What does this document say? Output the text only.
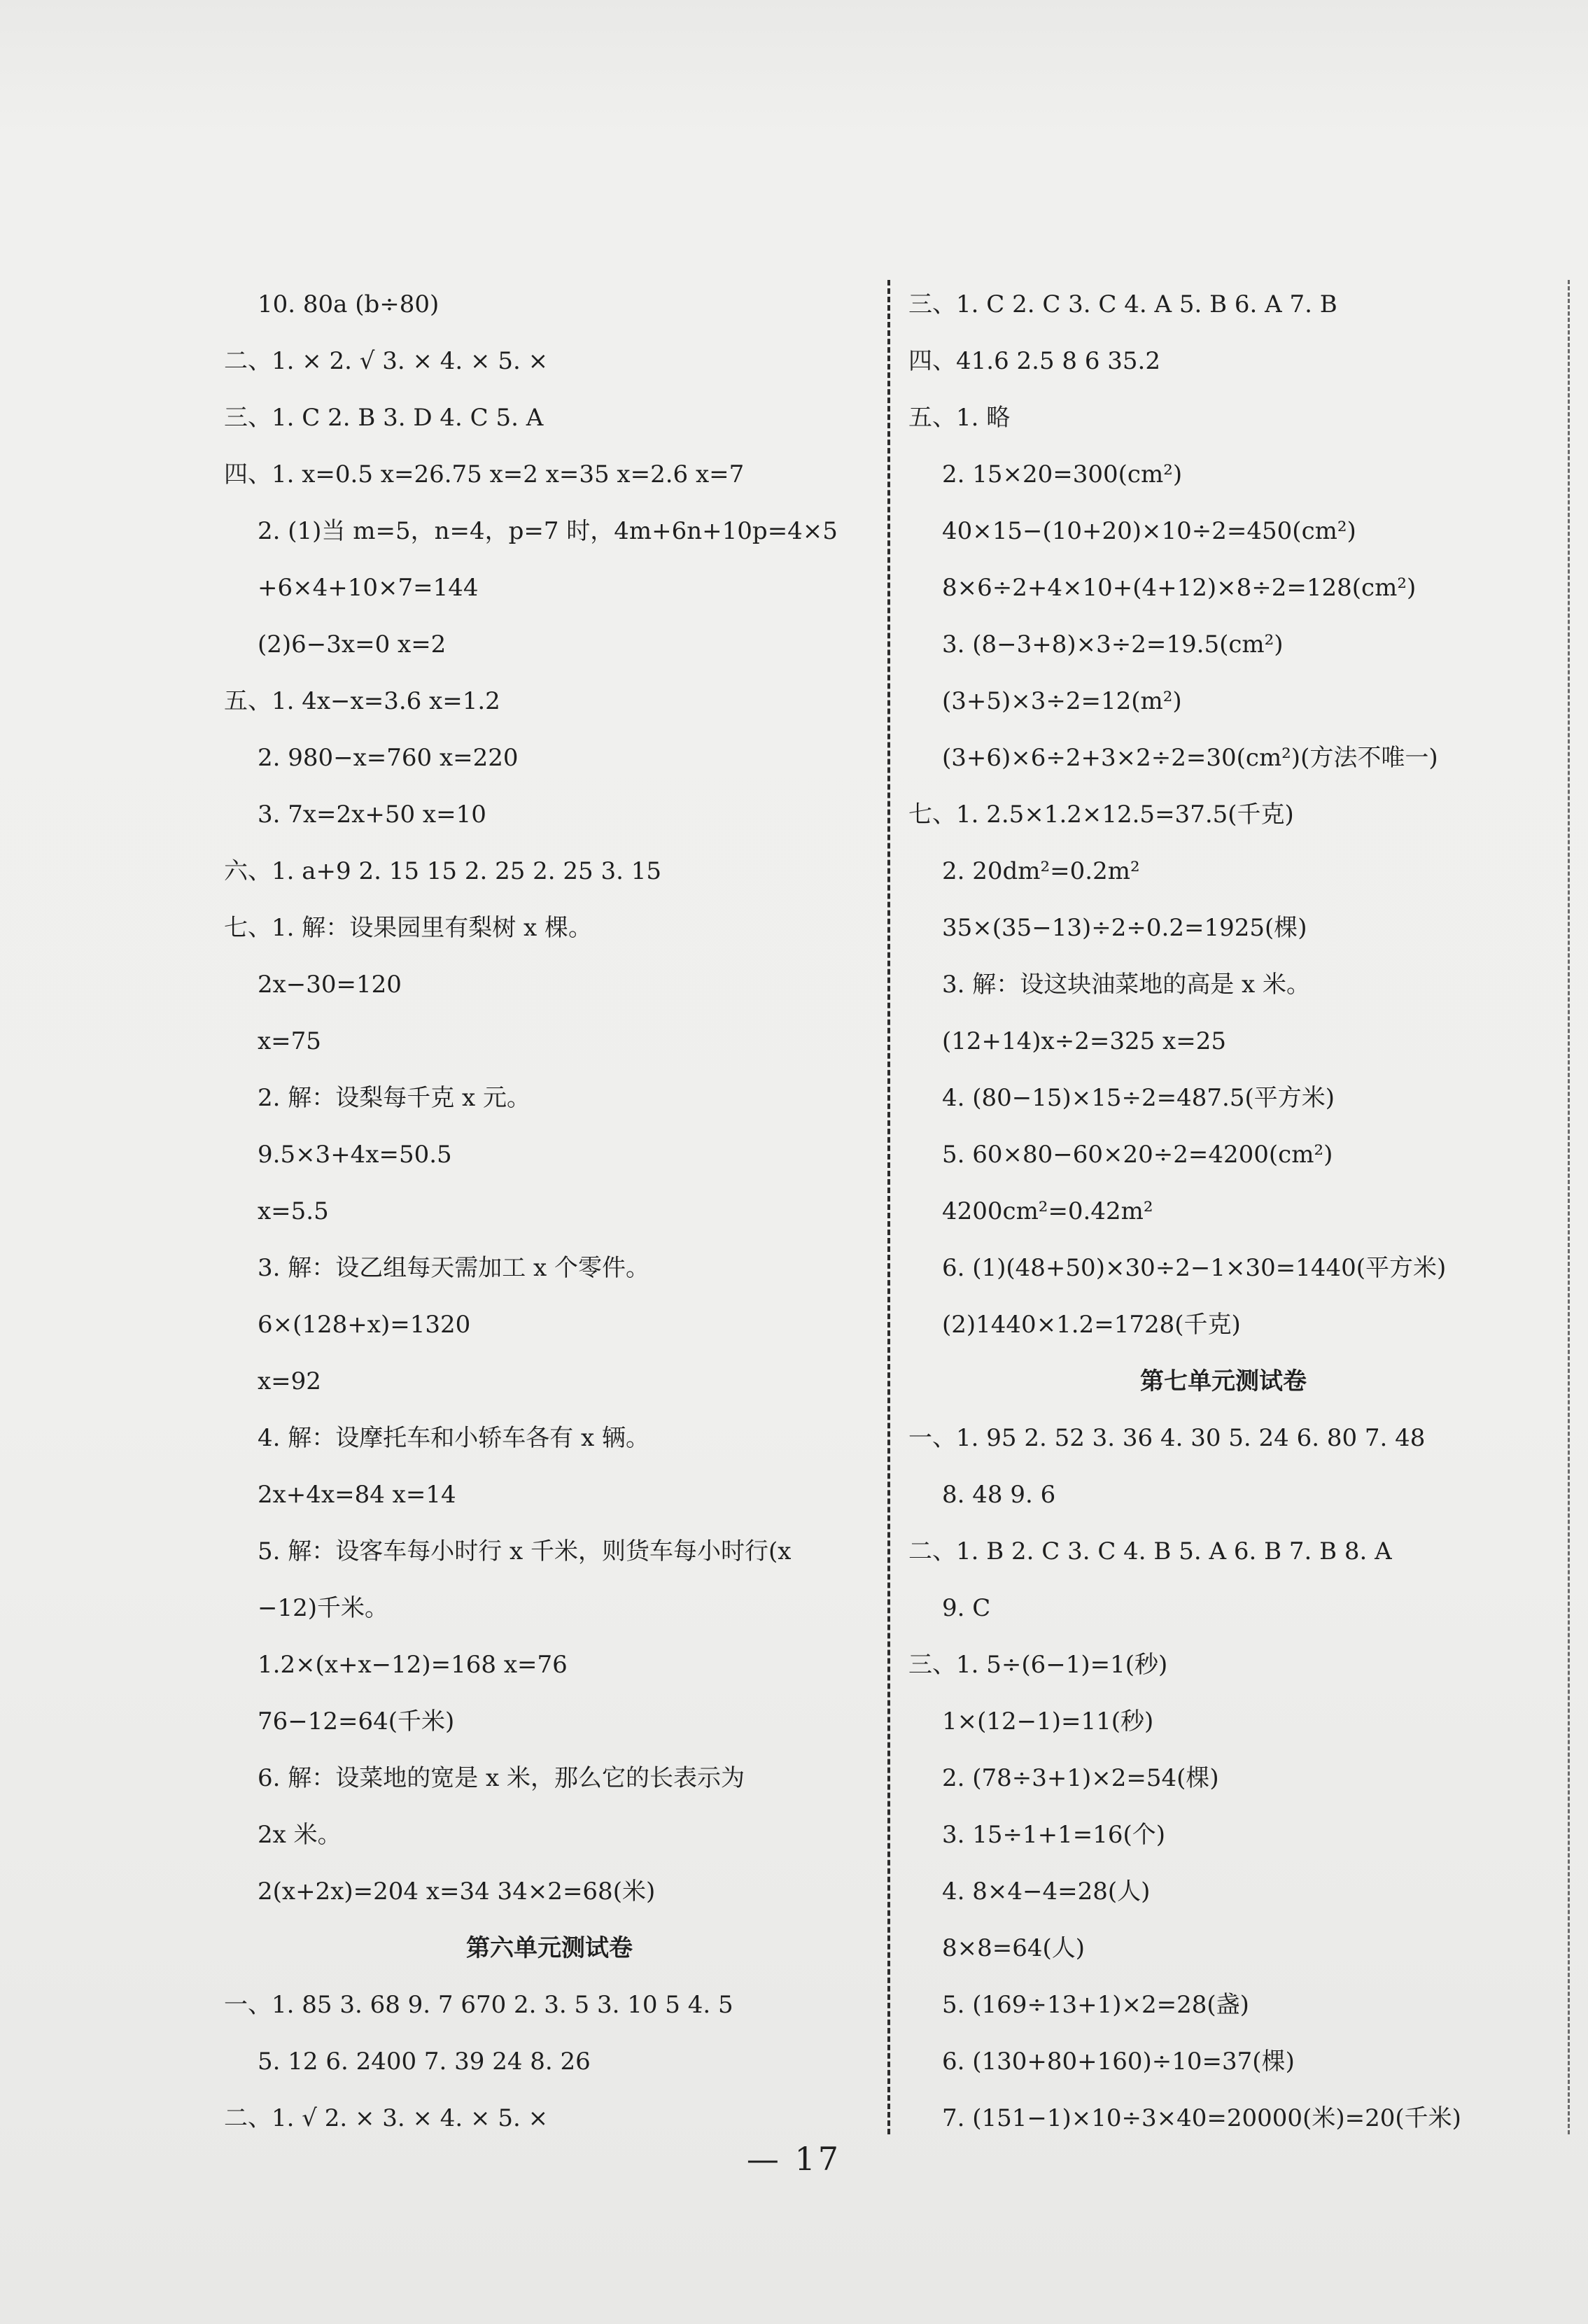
10. 80a (b÷80)
二、1. × 2. √ 3. × 4. × 5. ×
三、1. C 2. B 3. D 4. C 5. A
四、1. x=0.5 x=26.75 x=2 x=35 x=2.6 x=7
2. (1)当 m=5，n=4，p=7 时，4m+6n+10p=4×5
+6×4+10×7=144
(2)6−3x=0 x=2
五、1. 4x−x=3.6 x=1.2
2. 980−x=760 x=220
3. 7x=2x+50 x=10
六、1. a+9 2. 15 15 2. 25 2. 25 3. 15
七、1. 解：设果园里有梨树 x 棵。
2x−30=120
x=75
2. 解：设梨每千克 x 元。
9.5×3+4x=50.5
x=5.5
3. 解：设乙组每天需加工 x 个零件。
6×(128+x)=1320
x=92
4. 解：设摩托车和小轿车各有 x 辆。
2x+4x=84 x=14
5. 解：设客车每小时行 x 千米，则货车每小时行(x
−12)千米。
1.2×(x+x−12)=168 x=76
76−12=64(千米)
6. 解：设菜地的宽是 x 米，那么它的长表示为
2x 米。
2(x+2x)=204 x=34 34×2=68(米)
第六单元测试卷
一、1. 85 3. 68 9. 7 670 2. 3. 5 3. 10 5 4. 5
5. 12 6. 2400 7. 39 24 8. 26
二、1. √ 2. × 3. × 4. × 5. ×
三、1. C 2. C 3. C 4. A 5. B 6. A 7. B
四、41.6 2.5 8 6 35.2
五、1. 略
2. 15×20=300(cm²)
40×15−(10+20)×10÷2=450(cm²)
8×6÷2+4×10+(4+12)×8÷2=128(cm²)
3. (8−3+8)×3÷2=19.5(cm²)
(3+5)×3÷2=12(m²)
(3+6)×6÷2+3×2÷2=30(cm²)(方法不唯一)
七、1. 2.5×1.2×12.5=37.5(千克)
2. 20dm²=0.2m²
35×(35−13)÷2÷0.2=1925(棵)
3. 解：设这块油菜地的高是 x 米。
(12+14)x÷2=325 x=25
4. (80−15)×15÷2=487.5(平方米)
5. 60×80−60×20÷2=4200(cm²)
4200cm²=0.42m²
6. (1)(48+50)×30÷2−1×30=1440(平方米)
(2)1440×1.2=1728(千克)
第七单元测试卷
一、1. 95 2. 52 3. 36 4. 30 5. 24 6. 80 7. 48
8. 48 9. 6
二、1. B 2. C 3. C 4. B 5. A 6. B 7. B 8. A
9. C
三、1. 5÷(6−1)=1(秒)
1×(12−1)=11(秒)
2. (78÷3+1)×2=54(棵)
3. 15÷1+1=16(个)
4. 8×4−4=28(人)
8×8=64(人)
5. (169÷13+1)×2=28(盏)
6. (130+80+160)÷10=37(棵)
7. (151−1)×10÷3×40=20000(米)=20(千米)
— 17
